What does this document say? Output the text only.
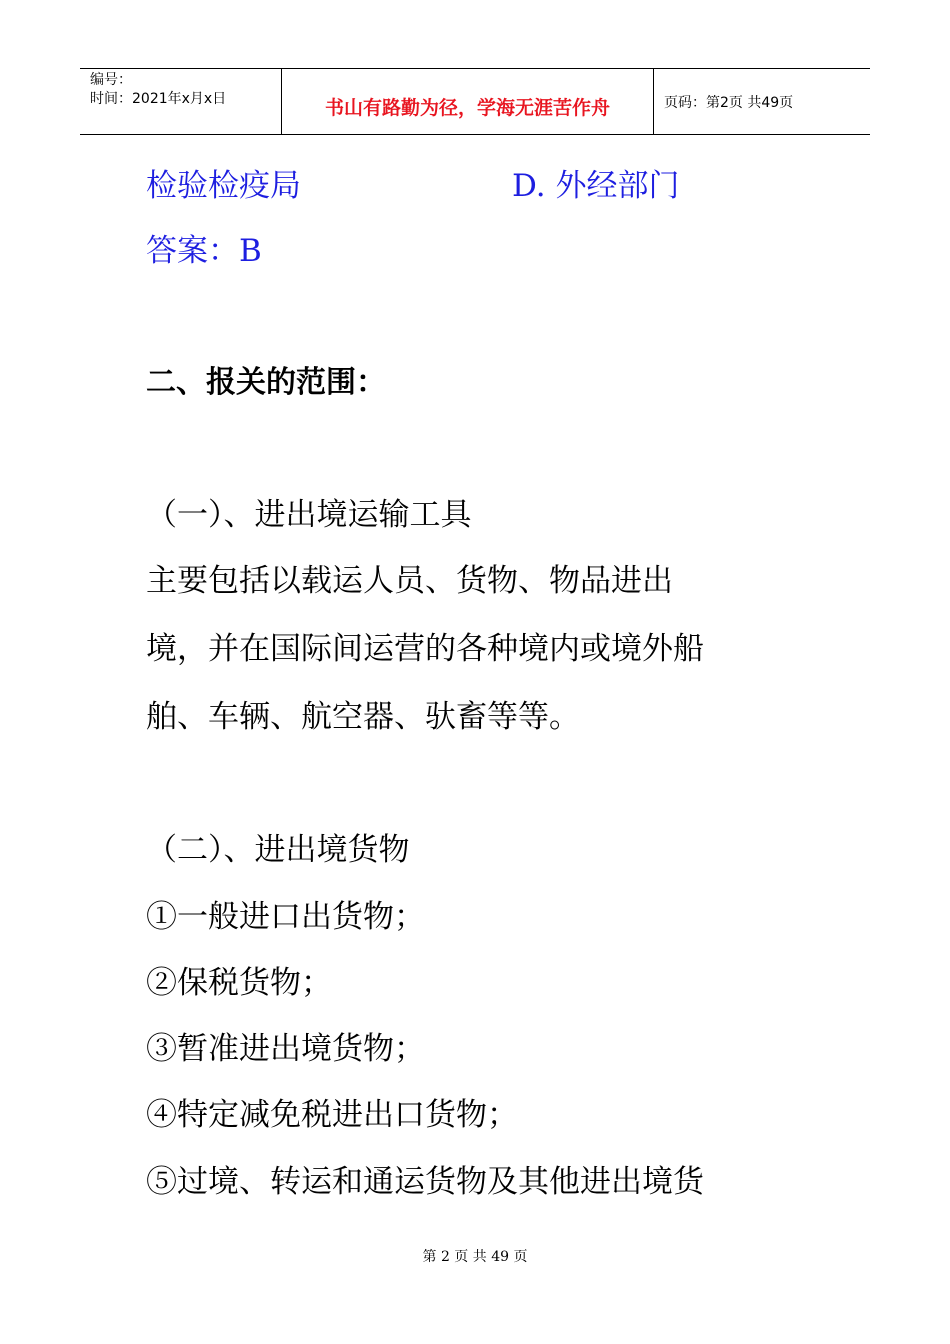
编号：
时间：2021年x月x日	书山有路勤为径，学海无涯苦作舟	页码：第2页 共49页
检验检疫局	D. 外经部门
答案：B
二、报关的范围：
（一）、进出境运输工具
主要包括以载运人员、货物、物品进出
境，并在国际间运营的各种境内或境外船
舶、车辆、航空器、驮畜等等。
（二）、进出境货物
①一般进口出货物；
②保税货物；
③暂准进出境货物；
④特定减免税进出口货物；
⑤过境、转运和通运货物及其他进出境货
第 2 页 共 49 页
